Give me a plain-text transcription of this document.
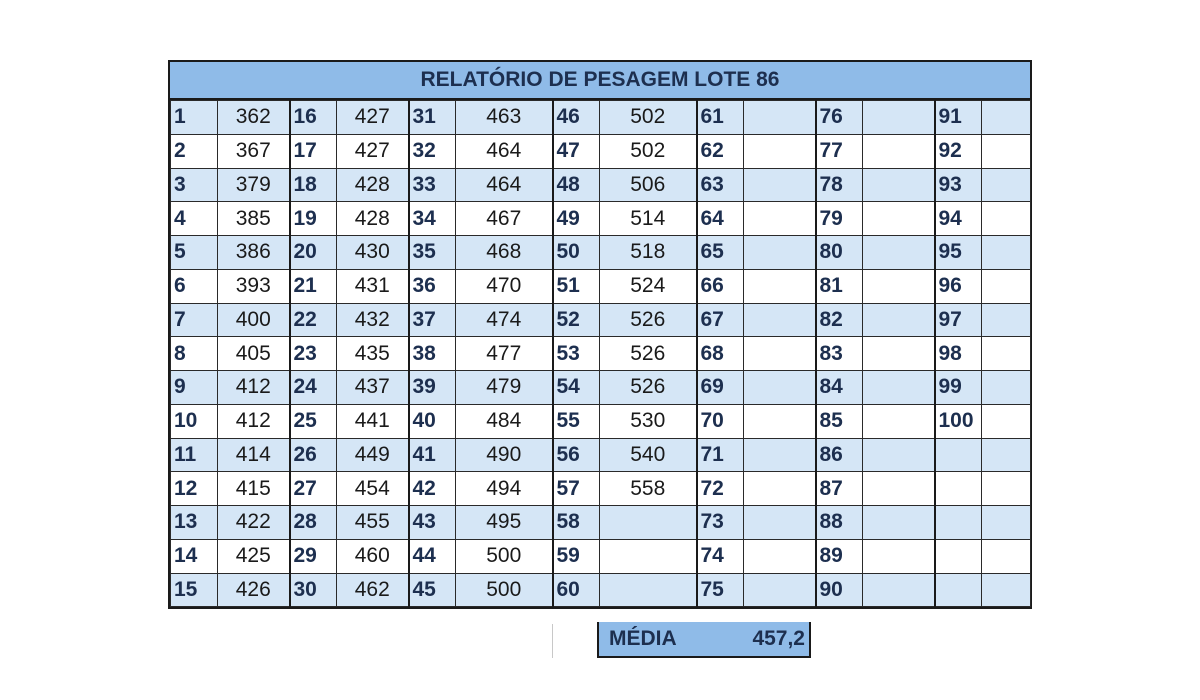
RELATÓRIO DE PESAGEM LOTE 86
1	362	16	427	31	463	46	502	61		76		91	
2	367	17	427	32	464	47	502	62		77		92	
3	379	18	428	33	464	48	506	63		78		93	
4	385	19	428	34	467	49	514	64		79		94	
5	386	20	430	35	468	50	518	65		80		95	
6	393	21	431	36	470	51	524	66		81		96	
7	400	22	432	37	474	52	526	67		82		97	
8	405	23	435	38	477	53	526	68		83		98	
9	412	24	437	39	479	54	526	69		84		99	
10	412	25	441	40	484	55	530	70		85		100	
11	414	26	449	41	490	56	540	71		86			
12	415	27	454	42	494	57	558	72		87			
13	422	28	455	43	495	58		73		88			
14	425	29	460	44	500	59		74		89			
15	426	30	462	45	500	60		75		90			
MÉDIA	457,2
